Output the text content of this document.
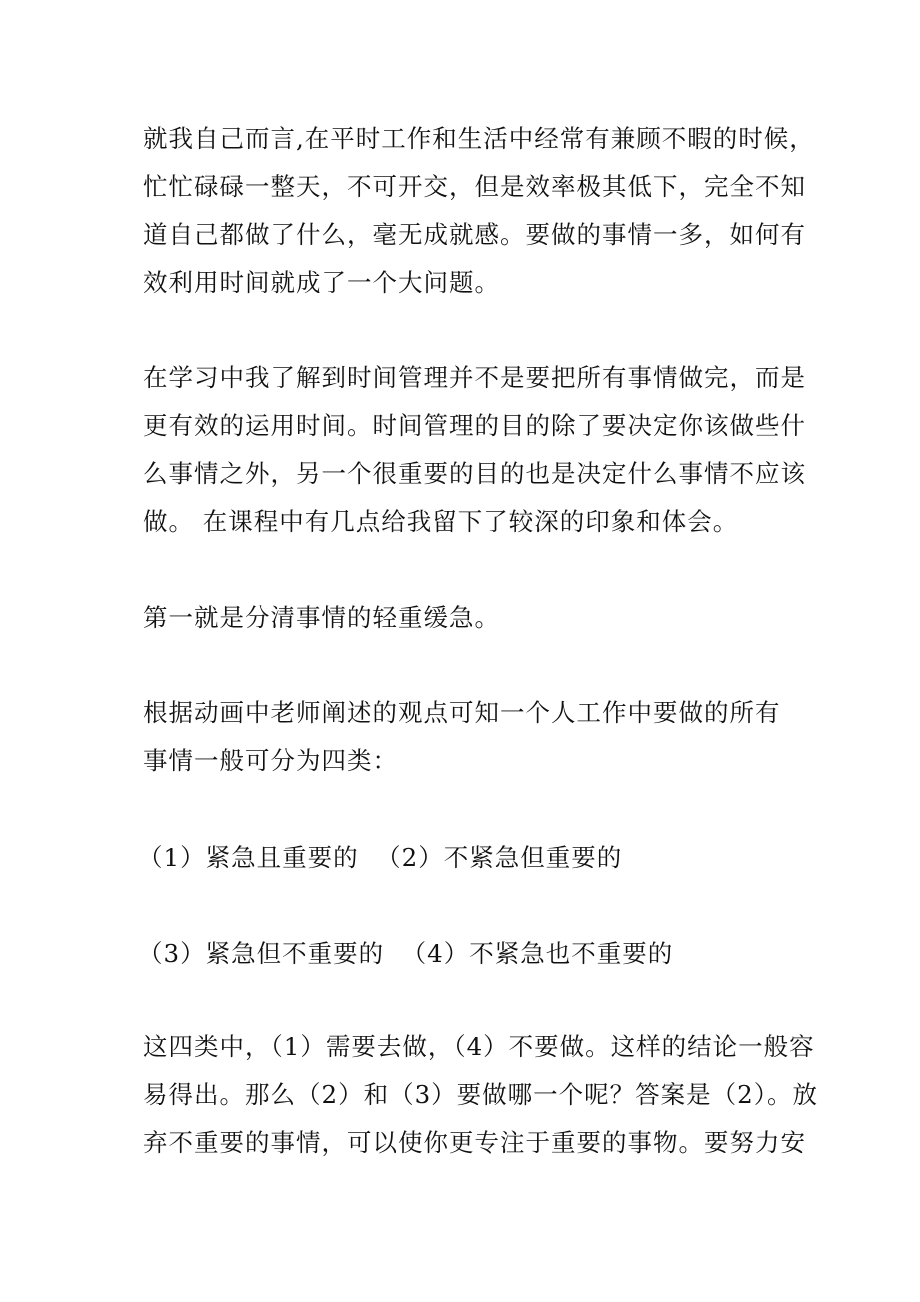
就我自己而言,在平时工作和生活中经常有兼顾不暇的时候，
忙忙碌碌一整天，不可开交，但是效率极其低下，完全不知
道自己都做了什么，毫无成就感。要做的事情一多，如何有
效利用时间就成了一个大问题。

在学习中我了解到时间管理并不是要把所有事情做完，而是
更有效的运用时间。时间管理的目的除了要决定你该做些什
么事情之外，另一个很重要的目的也是决定什么事情不应该
做。 在课程中有几点给我留下了较深的印象和体会。

第一就是分清事情的轻重缓急。

根据动画中老师阐述的观点可知一个人工作中要做的所有
事情一般可分为四类：

（1）紧急且重要的  （2）不紧急但重要的

（3）紧急但不重要的  （4）不紧急也不重要的

这四类中，（1）需要去做，（4）不要做。这样的结论一般容
易得出。那么（2）和（3）要做哪一个呢？答案是（2）。放
弃不重要的事情，可以使你更专注于重要的事物。要努力安
